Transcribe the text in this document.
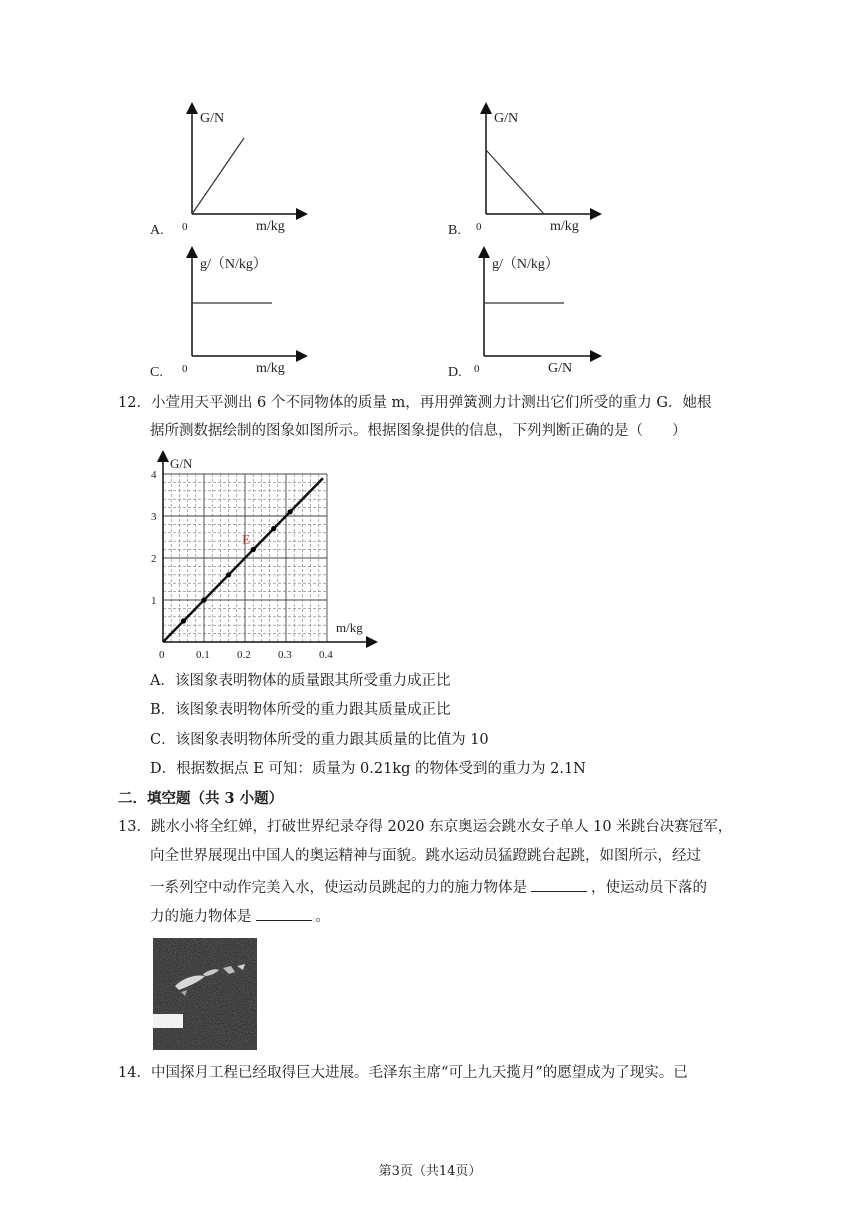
G/N
m/kg
0
A.
G/N
m/kg
0
B.
g/（N/kg）
m/kg
0
C.
g/（N/kg）
G/N
0
D.
12．小萱用天平测出 6 个不同物体的质量 m，再用弹簧测力计测出它们所受的重力 G．她根
据所测数据绘制的图象如图所示。根据图象提供的信息，下列判断正确的是（　　）
E
0	0.1 0.2 0.3 0.4
1
2
3
4
G/N
m/kg
A．该图象表明物体的质量跟其所受重力成正比
B．该图象表明物体所受的重力跟其质量成正比
C．该图象表明物体所受的重力跟其质量的比值为 10
D．根据数据点 E 可知：质量为 0.21kg 的物体受到的重力为 2.1N
二．填空题（共 3 小题）
13．跳水小将全红婵，打破世界纪录夺得 2020 东京奥运会跳水女子单人 10 米跳台决赛冠军，
向全世界展现出中国人的奥运精神与面貌。跳水运动员猛蹬跳台起跳，如图所示，经过
一系列空中动作完美入水，使运动员跳起的力的施力物体是	，使运动员下落的
力的施力物体是	。
14．中国探月工程已经取得巨大进展。毛泽东主席“可上九天揽月”的愿望成为了现实。已
第3页（共14页）
